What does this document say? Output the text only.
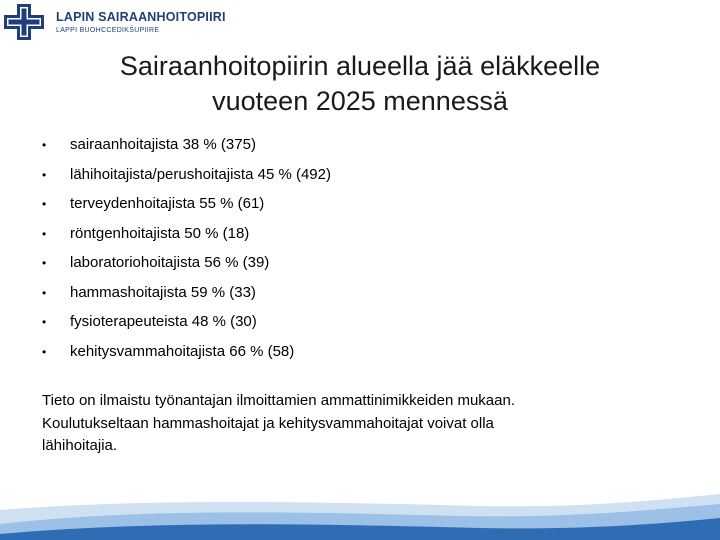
LAPIN SAIRAANHOITOPIIRI
LAPPI BUOHCCEDIKŠUPIIRE
Sairaanhoitopiirin alueella jää eläkkeelle
vuoteen 2025 mennessä
• sairaanhoitajista 38 % (375)
• lähihoitajista/perushoitajista 45 % (492)
• terveydenhoitajista 55 % (61)
• röntgenhoitajista 50 % (18)
• laboratoriohoitajista 56 % (39)
• hammashoitajista 59 % (33)
• fysioterapeuteista 48 % (30)
• kehitysvammahoitajista 66 % (58)
Tieto on ilmaistu työnantajan ilmoittamien ammattinimikkeiden mukaan.
Koulutukseltaan hammashoitajat ja kehitysvammahoitajat voivat olla
lähihoitajia.
